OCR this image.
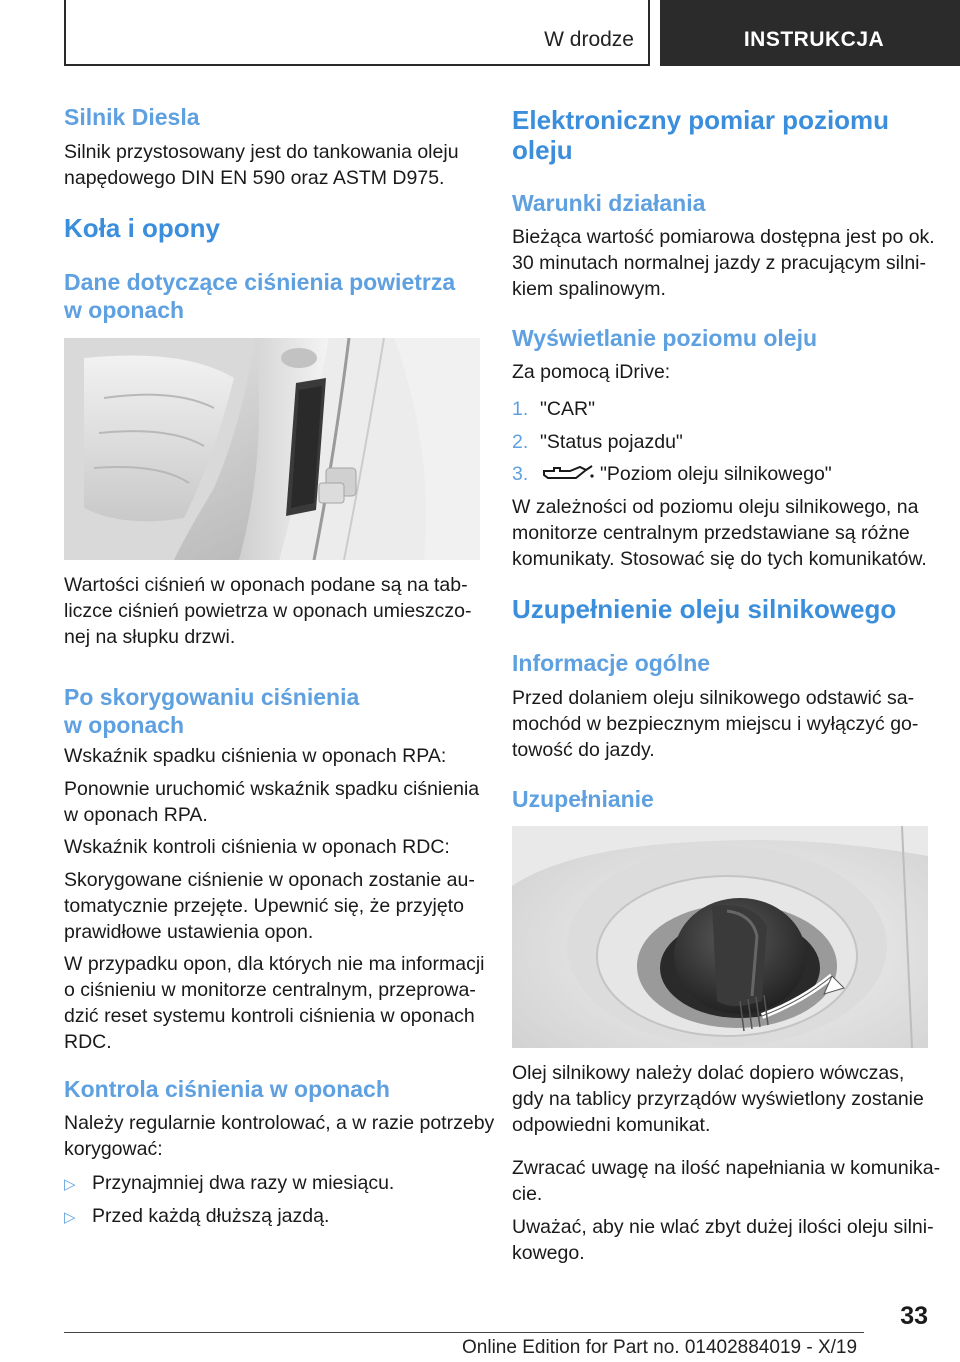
W drodze	INSTRUKCJA
Silnik Diesla
Silnik przystosowany jest do tankowania oleju
napędowego DIN EN 590 oraz ASTM D975.
Koła i opony
Dane dotyczące ciśnienia powietrza
w oponach
Wartości ciśnień w oponach podane są na tab-
liczce ciśnień powietrza w oponach umieszczo-
nej na słupku drzwi.
Po skorygowaniu ciśnienia
w oponach
Wskaźnik spadku ciśnienia w oponach RPA:
Ponownie uruchomić wskaźnik spadku ciśnienia
w oponach RPA.
Wskaźnik kontroli ciśnienia w oponach RDC:
Skorygowane ciśnienie w oponach zostanie au-
tomatycznie przejęte. Upewnić się, że przyjęto
prawidłowe ustawienia opon.
W przypadku opon, dla których nie ma informacji
o ciśnieniu w monitorze centralnym, przeprowa-
dzić reset systemu kontroli ciśnienia w oponach
RDC.
Kontrola ciśnienia w oponach
Należy regularnie kontrolować, a w razie potrzeby
korygować:
▷ Przynajmniej dwa razy w miesiącu.
▷ Przed każdą dłuższą jazdą.
Elektroniczny pomiar poziomu
oleju
Warunki działania
Bieżąca wartość pomiarowa dostępna jest po ok.
30 minutach normalnej jazdy z pracującym silni-
kiem spalinowym.
Wyświetlanie poziomu oleju
Za pomocą iDrive:
1. "CAR"
2. "Status pojazdu"
3.	"Poziom oleju silnikowego"
W zależności od poziomu oleju silnikowego, na
monitorze centralnym przedstawiane są różne
komunikaty. Stosować się do tych komunikatów.
Uzupełnienie oleju silnikowego
Informacje ogólne
Przed dolaniem oleju silnikowego odstawić sa-
mochód w bezpiecznym miejscu i wyłączyć go-
towość do jazdy.
Uzupełnianie
Olej silnikowy należy dolać dopiero wówczas,
gdy na tablicy przyrządów wyświetlony zostanie
odpowiedni komunikat.
Zwracać uwagę na ilość napełniania w komunika-
cie.
Uważać, aby nie wlać zbyt dużej ilości oleju silni-
kowego.
33
Online Edition for Part no. 01402884019 - X/19
